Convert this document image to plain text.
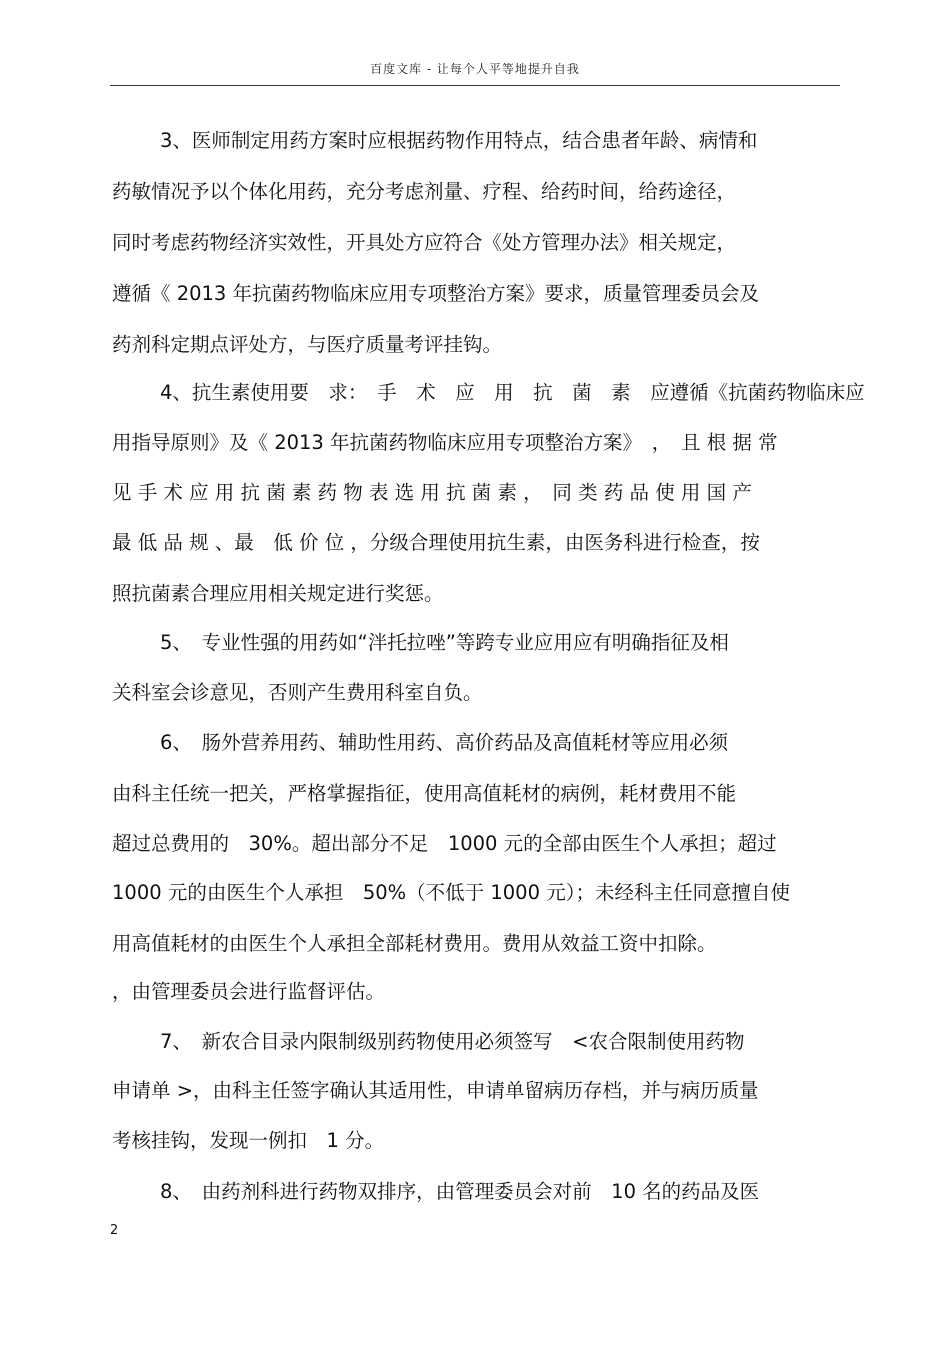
百度文库 - 让每个人平等地提升自我
3、医师制定用药方案时应根据药物作用特点，结合患者年龄、病情和
药敏情况予以个体化用药，充分考虑剂量、疗程、给药时间，给药途径，
同时考虑药物经济实效性，开具处方应符合《处方管理办法》相关规定，
遵循《 2013 年抗菌药物临床应用专项整治方案》要求，质量管理委员会及
药剂科定期点评处方，与医疗质量考评挂钩。
4、抗生素使用要　求：　手　术　应　用　抗　菌　素　应遵循《抗菌药物临床应
用指导原则》及《 2013 年抗菌药物临床应用专项整治方案》　，　且 根 据 常
见 手 术 应 用 抗 菌 素 药 物 表 选 用 抗 菌 素 ，　同 类 药 品 使 用 国 产
最 低 品 规 、最　低 价 位 ，分级合理使用抗生素，由医务科进行检查，按
照抗菌素合理应用相关规定进行奖惩。
5、　专业性强的用药如“泮托拉唑”等跨专业应用应有明确指征及相
关科室会诊意见，否则产生费用科室自负。
6、　肠外营养用药、辅助性用药、高价药品及高值耗材等应用必须
由科主任统一把关，严格掌握指征，使用高值耗材的病例，耗材费用不能
超过总费用的　30%。超出部分不足　1000 元的全部由医生个人承担；超过
1000 元的由医生个人承担　50%（不低于 1000 元）；未经科主任同意擅自使
用高值耗材的由医生个人承担全部耗材费用。费用从效益工资中扣除。
，由管理委员会进行监督评估。
7、　新农合目录内限制级别药物使用必须签写　<农合限制使用药物
申请单 >，由科主任签字确认其适用性，申请单留病历存档，并与病历质量
考核挂钩，发现一例扣　1 分。
8、　由药剂科进行药物双排序，由管理委员会对前　10 名的药品及医
2
